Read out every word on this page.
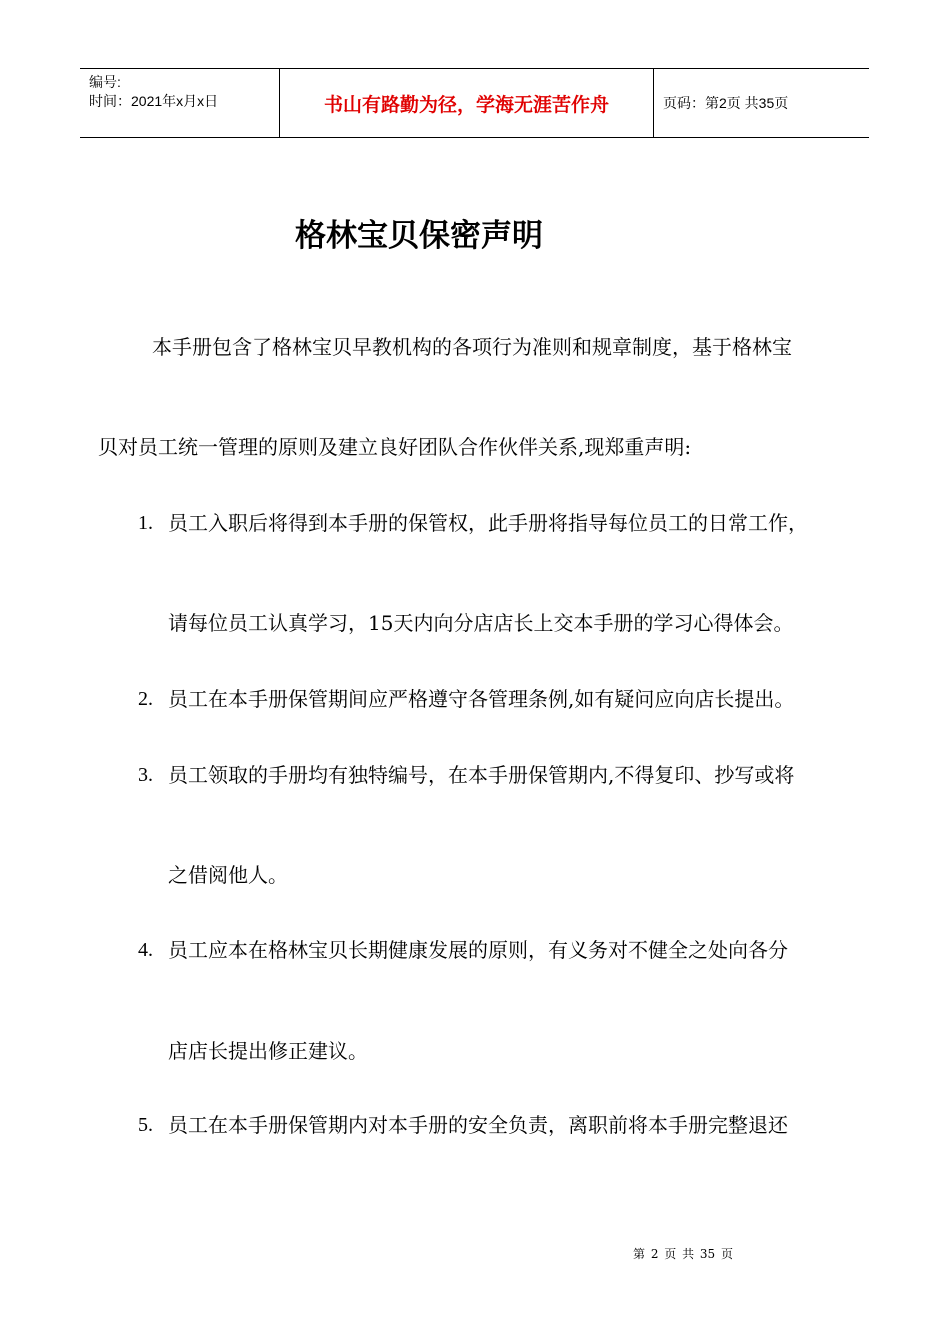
编号:
时间：2021年x月x日	书山有路勤为径，学海无涯苦作舟	页码：第2页 共35页
格林宝贝保密声明
本手册包含了格林宝贝早教机构的各项行为准则和规章制度，基于格林宝
贝对员工统一管理的原则及建立良好团队合作伙伴关系,现郑重声明:
1. 员工入职后将得到本手册的保管权，此手册将指导每位员工的日常工作，
请每位员工认真学习，15天内向分店店长上交本手册的学习心得体会。
2. 员工在本手册保管期间应严格遵守各管理条例,如有疑问应向店长提出。
3. 员工领取的手册均有独特编号，在本手册保管期内,不得复印、抄写或将
之借阅他人。
4. 员工应本在格林宝贝长期健康发展的原则，有义务对不健全之处向各分
店店长提出修正建议。
5. 员工在本手册保管期内对本手册的安全负责，离职前将本手册完整退还
第 2 页 共 35 页
